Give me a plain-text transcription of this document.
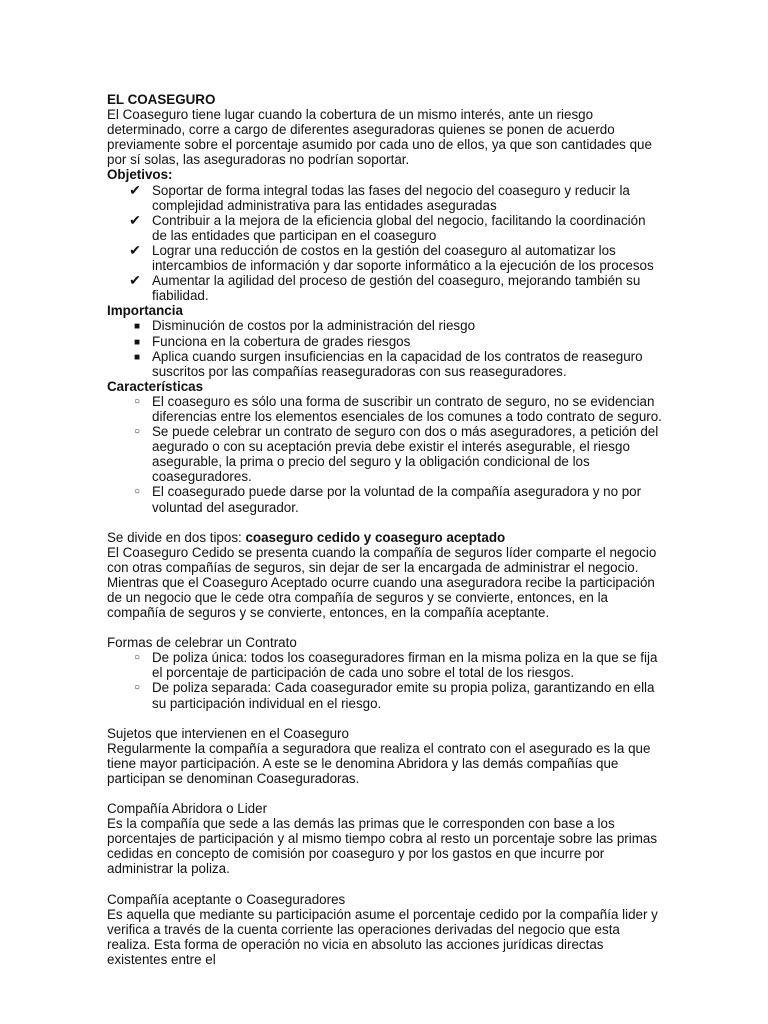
EL COASEGURO

El Coaseguro tiene lugar cuando la cobertura de un mismo interés, ante un riesgo determinado, corre a cargo de diferentes aseguradoras quienes se ponen de acuerdo previamente sobre el porcentaje asumido por cada uno de ellos, ya que son cantidades que por sí solas, las aseguradoras no podrían soportar.

Objetivos:

✔ Soportar de forma integral todas las fases del negocio del coaseguro y reducir la complejidad administrativa para las entidades aseguradas
✔ Contribuir a la mejora de la eficiencia global del negocio, facilitando la coordinación de las entidades que participan en el coaseguro
✔ Lograr una reducción de costos en la gestión del coaseguro al automatizar los intercambios de información y dar soporte informático a la ejecución de los procesos
✔ Aumentar la agilidad del proceso de gestión del coaseguro, mejorando también su fiabilidad.

Importancia

■ Disminución de costos por la administración del riesgo
■ Funciona en la cobertura de grades riesgos
■ Aplica cuando surgen insuficiencias en la capacidad de los contratos de reaseguro suscritos por las compañías reaseguradoras con sus reaseguradores.

Características

○ El coaseguro es sólo una forma de suscribir un contrato de seguro, no se evidencian diferencias entre los elementos esenciales de los comunes a todo contrato de seguro.
○ Se puede celebrar un contrato de seguro con dos o más aseguradores, a petición del aegurado o con su aceptación previa debe existir el interés asegurable, el riesgo asegurable, la prima o precio del seguro y la obligación condicional de los coaseguradores.
○ El coasegurado puede darse por la voluntad de la compañía aseguradora y no por voluntad del asegurador.

Se divide en dos tipos: coaseguro cedido y coaseguro aceptado

El Coaseguro Cedido se presenta cuando la compañía de seguros líder comparte el negocio con otras compañías de seguros, sin dejar de ser la encargada de administrar el negocio.

Mientras que el Coaseguro Aceptado ocurre cuando una aseguradora recibe la participación de un negocio que le cede otra compañía de seguros y se convierte, entonces, en la compañía de seguros y se convierte, entonces, en la compañía aceptante.

Formas de celebrar un Contrato

○ De poliza única: todos los coaseguradores firman en la misma poliza en la que se fija el porcentaje de participación de cada uno sobre el total de los riesgos.
○ De poliza separada: Cada coasegurador emite su propia poliza, garantizando en ella su participación individual en el riesgo.

Sujetos que intervienen en el Coaseguro

Regularmente la compañía a seguradora que realiza el contrato con el asegurado es la que tiene mayor participación. A este se le denomina Abridora y las demás compañías que participan se denominan Coaseguradoras.

Compañía Abridora o Lider

Es la compañía que sede a las demás las primas que le corresponden con base a los porcentajes de participación y al mismo tiempo cobra al resto un porcentaje sobre las primas cedidas en concepto de comisión por coaseguro y por los gastos en que incurre por administrar la poliza.

Compañía aceptante o Coaseguradores

Es aquella que mediante su participación asume el porcentaje cedido por la compañía lider y verifica a través de la cuenta corriente las operaciones derivadas del negocio que esta realiza. Esta forma de operación no vicia en absoluto las acciones jurídicas directas existentes entre el
